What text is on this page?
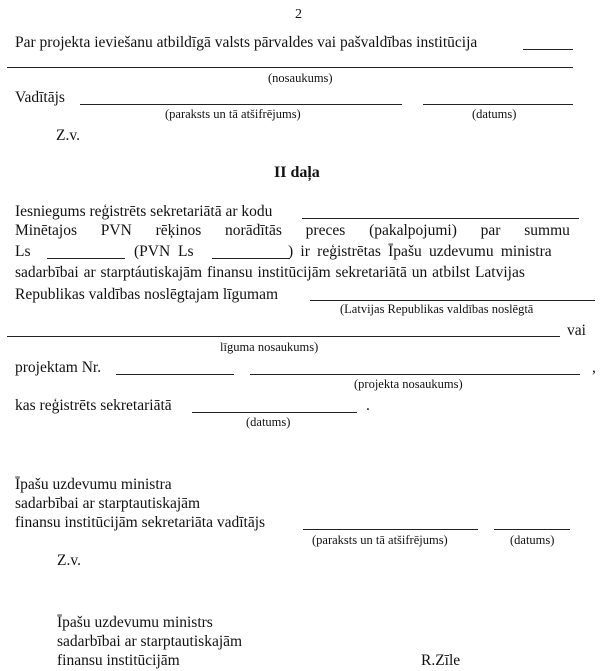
2
Par projekta ieviešanu atbildīgā valsts pārvaldes vai pašvaldības institūcija
(nosaukums)
Vadītājs
(paraksts un tā atšifrējums)	(datums)
Z.v.
II daļa
Iesniegums reģistrēts sekretariātā ar kodu
Minētajos PVN rēķinos norādītās preces (pakalpojumi) par summu
Ls	(PVN Ls	) ir reģistrētas Īpašu uzdevumu ministra
sadarbībai ar starptáutiskajām finansu institūcijām sekretariātā un atbilst Latvijas
Republikas valdības noslēgtajam līgumam
(Latvijas Republikas valdības noslēgtā
vai
līguma nosaukums)
projektam Nr.	,
(projekta nosaukums)
kas reģistrēts sekretariātā	.
(datums)
Īpašu uzdevumu ministra
sadarbībai ar starptautiskajām
finansu institūcijām sekretariāta vadītājs
(paraksts un tā atšifrējums)	(datums)
Z.v.
Īpašu uzdevumu ministrs
sadarbībai ar starptautiskajām
finansu institūcijām	R.Zīle
